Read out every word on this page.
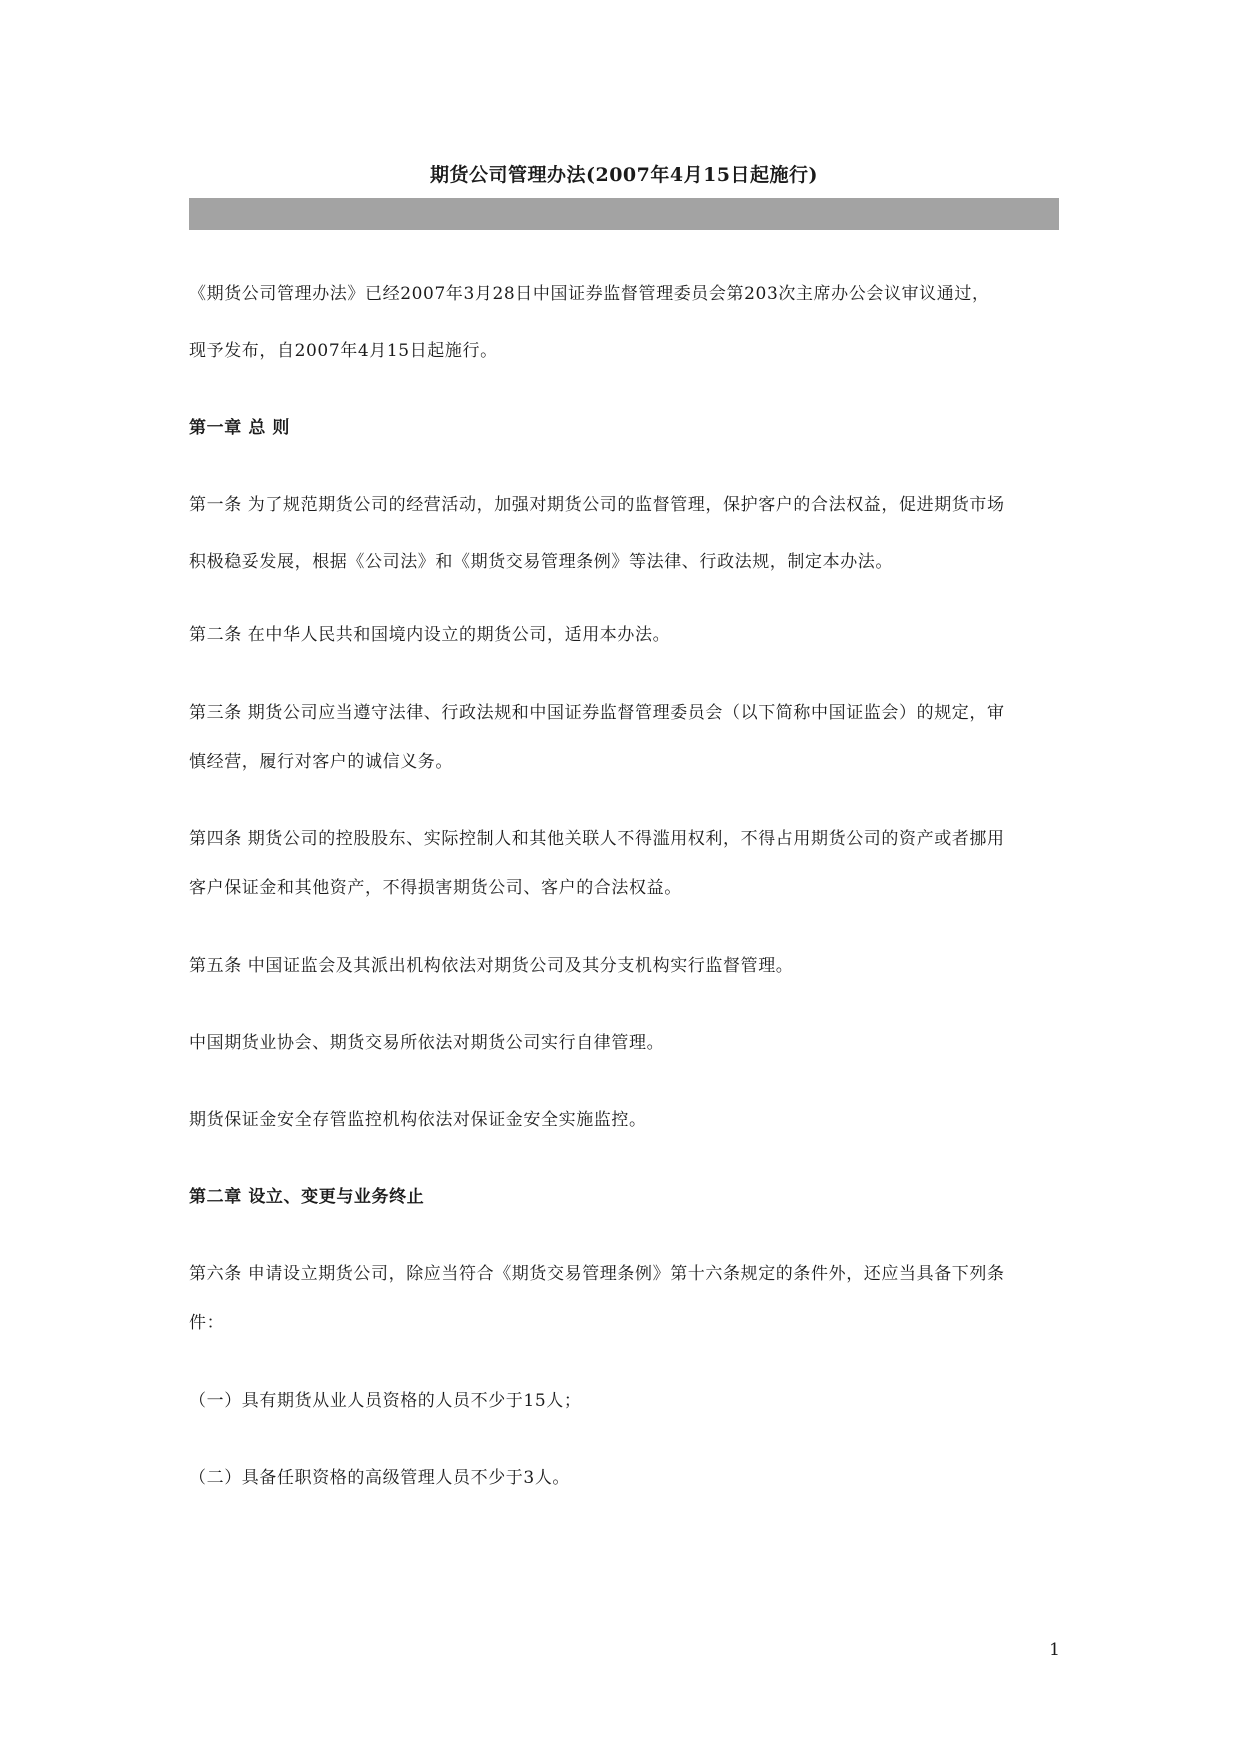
期货公司管理办法(2007年4月15日起施行)
《期货公司管理办法》已经2007年3月28日中国证券监督管理委员会第203次主席办公会议审议通过，
现予发布，自2007年4月15日起施行。
第一章 总 则
第一条 为了规范期货公司的经营活动，加强对期货公司的监督管理，保护客户的合法权益，促进期货市场
积极稳妥发展，根据《公司法》和《期货交易管理条例》等法律、行政法规，制定本办法。
第二条 在中华人民共和国境内设立的期货公司，适用本办法。
第三条 期货公司应当遵守法律、行政法规和中国证券监督管理委员会（以下简称中国证监会）的规定，审
慎经营，履行对客户的诚信义务。
第四条 期货公司的控股股东、实际控制人和其他关联人不得滥用权利，不得占用期货公司的资产或者挪用
客户保证金和其他资产，不得损害期货公司、客户的合法权益。
第五条 中国证监会及其派出机构依法对期货公司及其分支机构实行监督管理。
中国期货业协会、期货交易所依法对期货公司实行自律管理。
期货保证金安全存管监控机构依法对保证金安全实施监控。
第二章 设立、变更与业务终止
第六条 申请设立期货公司，除应当符合《期货交易管理条例》第十六条规定的条件外，还应当具备下列条
件：
（一）具有期货从业人员资格的人员不少于15人；
（二）具备任职资格的高级管理人员不少于3人。
1
